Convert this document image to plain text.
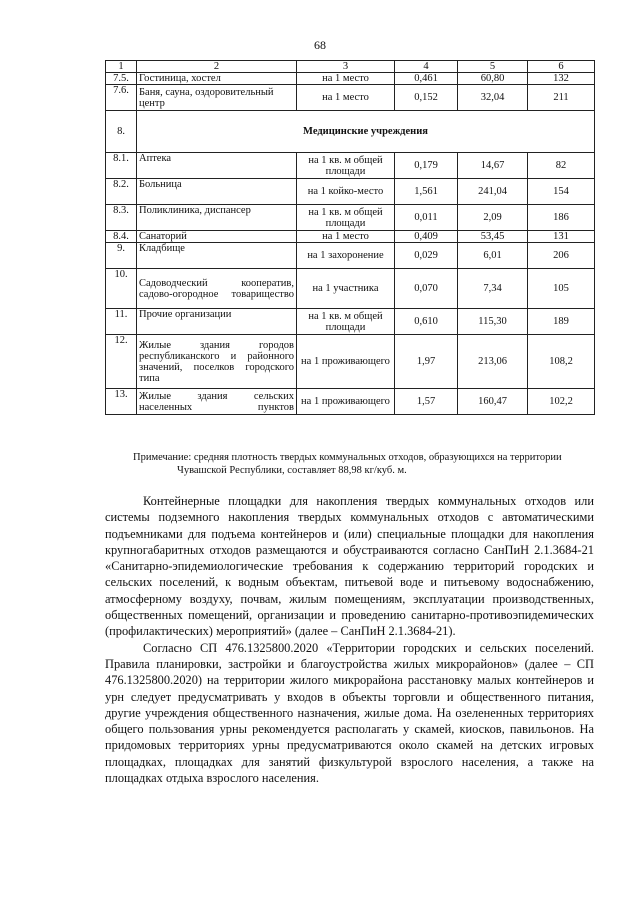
68
1	2	3	4	5	6
7.5.	Гостиница, хостел	на 1 место	0,461	60,80	132
7.6.	Баня, сауна, оздоровительный центр	на 1 место	0,152	32,04	211
8.	Медицинские учреждения				
8.1.	Аптека	на 1 кв. м общей площади	0,179	14,67	82
8.2.	Больница	на 1 койко-место	1,561	241,04	154
8.3.	Поликлиника, диспансер	на 1 кв. м общей площади	0,011	2,09	186
8.4.	Санаторий	на 1 место	0,409	53,45	131
9.	Кладбище	на 1 захоронение	0,029	6,01	206
10.	Садоводческий кооператив, садово-огородное товарищество	на 1 участника	0,070	7,34	105
11.	Прочие организации	на 1 кв. м общей площади	0,610	115,30	189
12.	Жилые здания городов республиканского и районного значений, поселков городского типа	на 1 проживающего	1,97	213,06	108,2
13.	Жилые здания сельских населенных пунктов	на 1 проживающего	1,57	160,47	102,2
Примечание: средняя плотность твердых коммунальных отходов, образующихся на территории
Чувашской Республики, составляет 88,98 кг/куб. м.

Контейнерные площадки для накопления твердых коммунальных отходов или системы подземного накопления твердых коммунальных отходов с автоматическими подъемниками для подъема контейнеров и (или) специальные площадки для накопления крупногабаритных отходов размещаются и обустраиваются согласно СанПиН 2.1.3684-21 «Санитарно-эпидемиологические требования к содержанию территорий городских и сельских поселений, к водным объектам, питьевой воде и питьевому водоснабжению, атмосферному воздуху, почвам, жилым помещениям, эксплуатации производственных, общественных помещений, организации и проведению санитарно-противоэпидемических (профилактических) мероприятий» (далее – СанПиН 2.1.3684-21).

Согласно СП 476.1325800.2020 «Территории городских и сельских поселений. Правила планировки, застройки и благоустройства жилых микрорайонов» (далее – СП 476.1325800.2020) на территории жилого микрорайона расстановку малых контейнеров и урн следует предусматривать у входов в объекты торговли и общественного питания, другие учреждения общественного назначения, жилые дома. На озелененных территориях общего пользования урны рекомендуется располагать у скамей, киосков, павильонов. На придомовых территориях урны предусматриваются около скамей на детских игровых площадках, площадках для занятий физкультурой взрослого населения, а также на площадках отдыха взрослого населения.
